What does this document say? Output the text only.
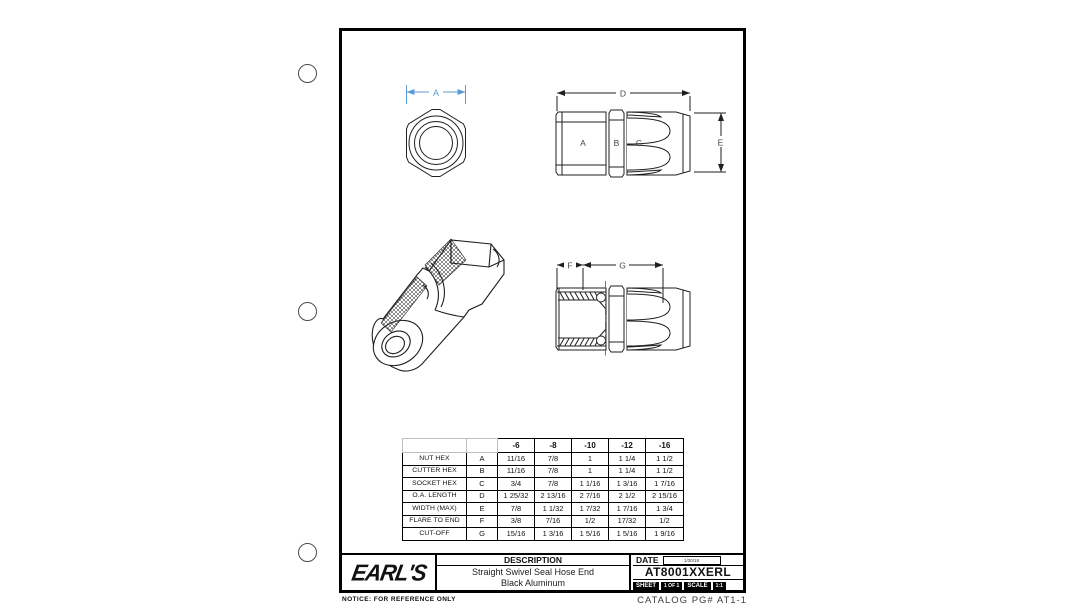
A	D
E
A	B C
F	G
		-6	-8	-10	-12	-16
NUT HEX	A	11/16	7/8	1	1 1/4	1 1/2
CUTTER HEX	B	11/16	7/8	1	1 1/4	1 1/2
SOCKET HEX	C	3/4	7/8	1 1/16	1 3/16	1 7/16
O.A. LENGTH	D	1 25/32	2 13/16	2 7/16	2 1/2	2 15/16
WIDTH (MAX)	E	7/8	1 1/32	1 7/32	1 7/16	1 3/4
FLARE TO END	F	3/8	7/16	1/2	17/32	1/2
CUT-OFF	G	15/16	1 3/16	1 5/16	1 5/16	1 9/16
EARL'S	DESCRIPTION
Straight Swivel Seal Hose End
Black Aluminum
DATE	1/30/18
AT8001XXERL
SHEET	1 OF 1	SCALE	1:1
NOTICE: FOR REFERENCE ONLY	CATALOG PG# AT1-1
